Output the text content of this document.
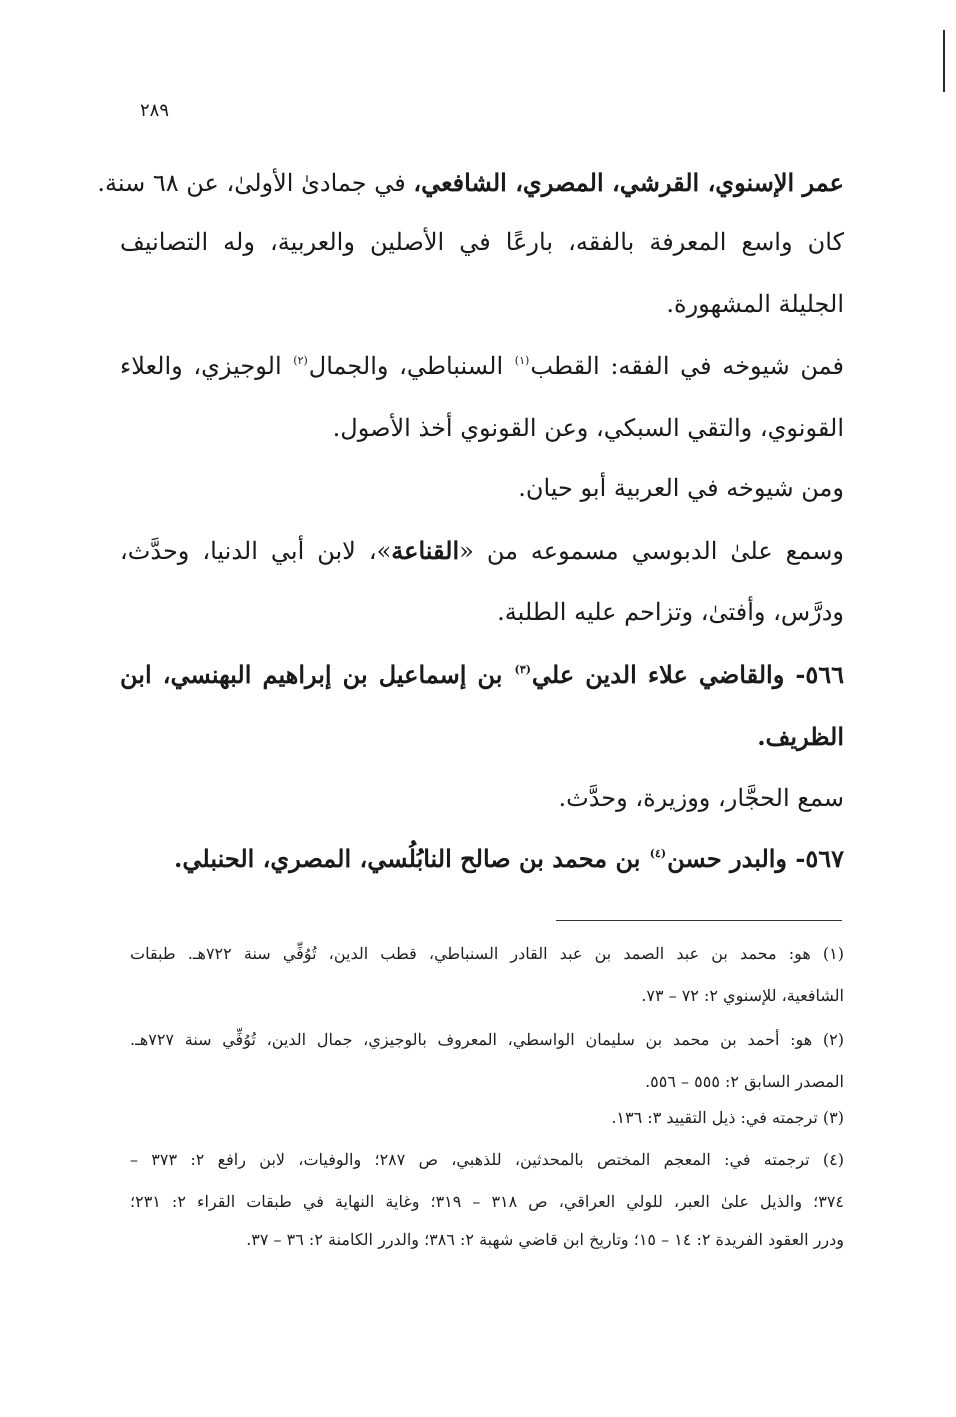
٢٨٩
عمر الإسنوي، القرشي، المصري، الشافعي، في جمادىٰ الأولىٰ، عن ٦٨ سنة.
كان واسع المعرفة بالفقه، بارعًا في الأصلين والعربية، وله التصانيف
الجليلة المشهورة.
فمن شيوخه في الفقه: القطب$^{(١)}$ السنباطي، والجمال$^{(٢)}$ الوجيزي، والعلاء
القونوي، والتقي السبكي، وعن القونوي أخذ الأصول.
ومن شيوخه في العربية أبو حيان.
وسمع علىٰ الدبوسي مسموعه من «القناعة»، لابن أبي الدنيا، وحدَّث،
ودرَّس، وأفتىٰ، وتزاحم عليه الطلبة.
٥٦٦- والقاضي علاء الدين علي$^{(٣)}$ بن إسماعيل بن إبراهيم البهنسي، ابن
الظريف.
سمع الحجَّار، ووزيرة، وحدَّث.
٥٦٧- والبدر حسن$^{(٤)}$ بن محمد بن صالح النابُلُسي، المصري، الحنبلي.
(١) هو: محمد بن عبد الصمد بن عبد القادر السنباطي، قطب الدين، تُوُفِّي سنة ٧٢٢هـ. طبقات
الشافعية، للإسنوي ٢: ٧٢ – ٧٣.
(٢) هو: أحمد بن محمد بن سليمان الواسطي، المعروف بالوجيزي، جمال الدين، تُوُفِّي سنة ٧٢٧هـ.
المصدر السابق ٢: ٥٥٥ – ٥٥٦.
(٣) ترجمته في: ذيل التقييد ٣: ١٣٦.
(٤) ترجمته في: المعجم المختص بالمحدثين، للذهبي، ص ٢٨٧؛ والوفيات، لابن رافع ٢: ٣٧٣ –
٣٧٤؛ والذيل علىٰ العبر، للولي العراقي، ص ٣١٨ – ٣١٩؛ وغاية النهاية في طبقات القراء ٢: ٢٣١؛
ودرر العقود الفريدة ٢: ١٤ – ١٥؛ وتاريخ ابن قاضي شهبة ٢: ٣٨٦؛ والدرر الكامنة ٢: ٣٦ – ٣٧.
